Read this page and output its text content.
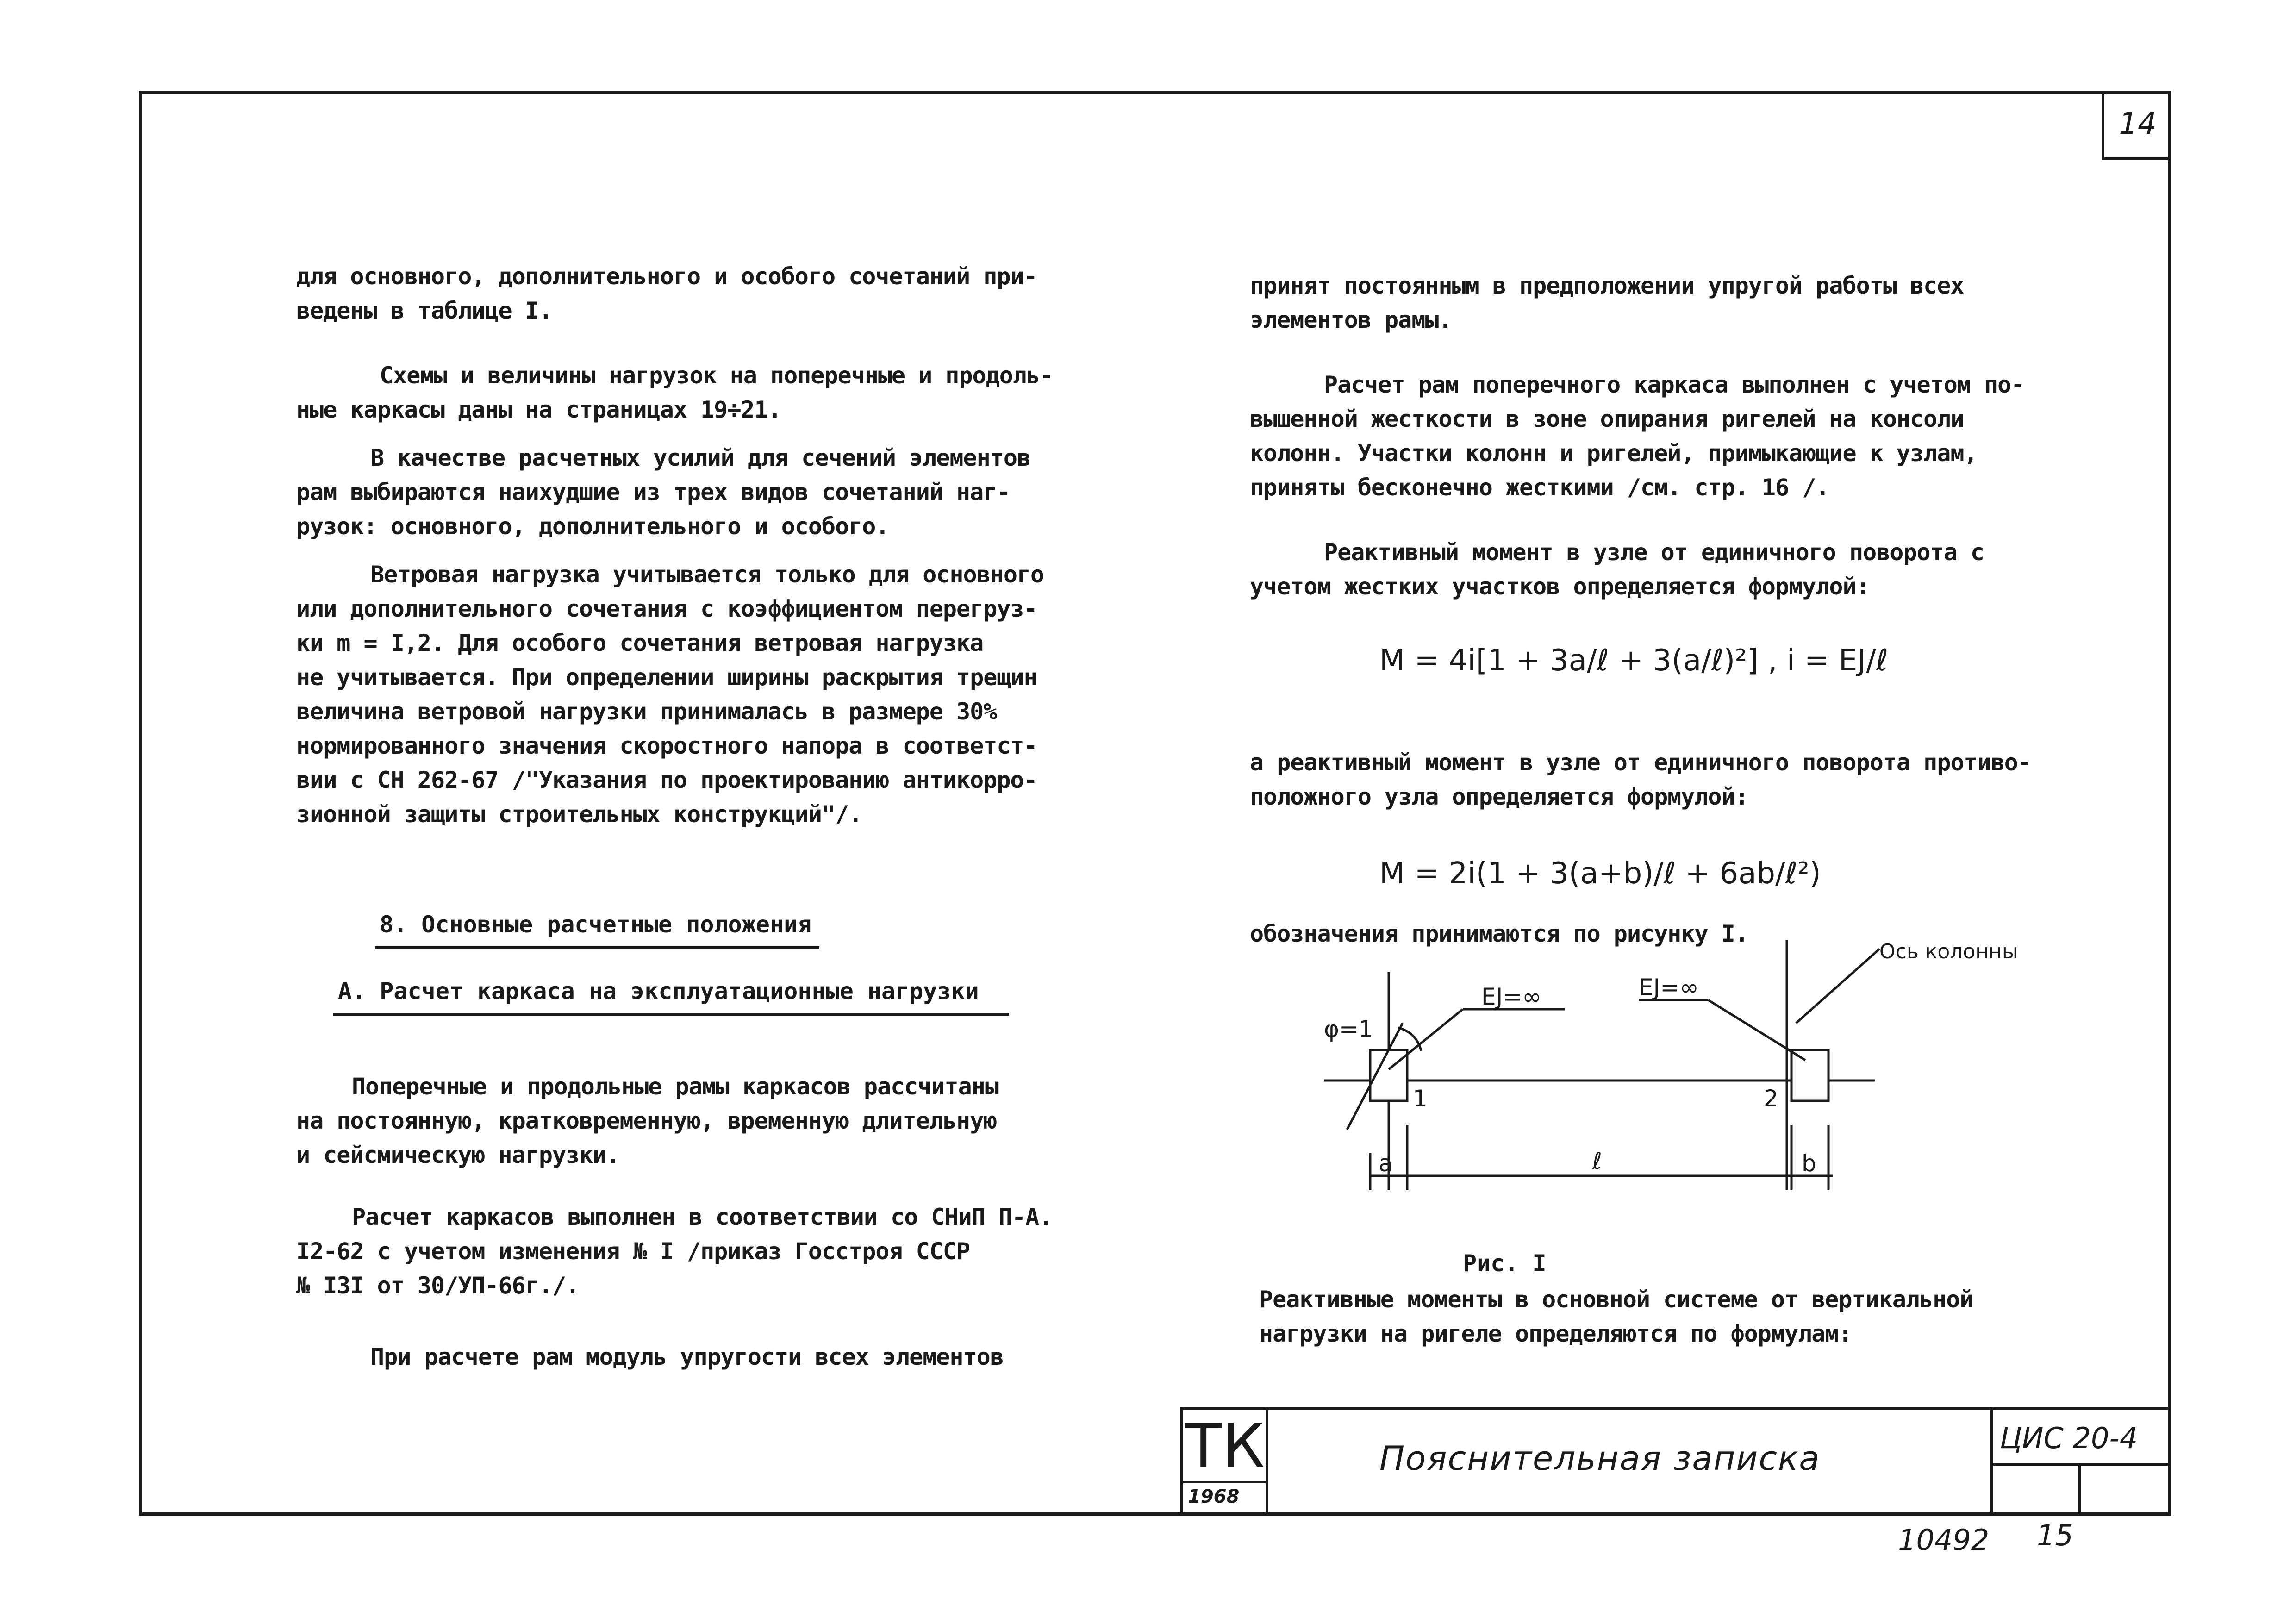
14
для основного, дополнительного и особого сочетаний при-
ведены в таблице I.
Схемы и величины нагрузок на поперечные и продоль-
ные каркасы даны на страницах 19÷21.
В качестве расчетных усилий для сечений элементов
рам выбираются наихудшие из трех видов сочетаний наг-
рузок: основного, дополнительного и особого.
Ветровая нагрузка учитывается только для основного
или дополнительного сочетания с коэффициентом перегруз-
ки m = I,2. Для особого сочетания ветровая нагрузка
не учитывается. При определении ширины раскрытия трещин
величина ветровой нагрузки принималась в размере 30%
нормированного значения скоростного напора в соответст-
вии с СН 262-67 /"Указания по проектированию антикорро-
зионной защиты строительных конструкций"/.
8. Основные расчетные положения
А. Расчет каркаса на эксплуатационные нагрузки
Поперечные и продольные рамы каркасов рассчитаны
на постоянную, кратковременную, временную длительную
и сейсмическую нагрузки.
Расчет каркасов выполнен в соответствии со СНиП П-А.
I2-62 с учетом изменения № I /приказ Госстроя СССР
№ I3I от 30/УП-66г./.
При расчете рам модуль упругости всех элементов
принят постоянным в предположении упругой работы всех
элементов рамы.
Расчет рам поперечного каркаса выполнен с учетом по-
вышенной жесткости в зоне опирания ригелей на консоли
колонн. Участки колонн и ригелей, примыкающие к узлам,
приняты бесконечно жесткими /см. стр. 16 /.
Реактивный момент в узле от единичного поворота с
учетом жестких участков определяется формулой:
M = 4i[1 + 3a/ℓ + 3(a/ℓ)²] , i = EJ/ℓ
а реактивный момент в узле от единичного поворота противо-
положного узла определяется формулой:
M = 2i(1 + 3(a+b)/ℓ + 6ab/ℓ²)
обозначения принимаются по рисунку I.
φ=1
EJ=∞	EJ=∞
Ось колонны
1	2
a	ℓ	b
Рис. I
Реактивные моменты в основной системе от вертикальной
нагрузки на ригеле определяются по формулам:
ТК
1968
Пояснительная записка
ЦИС 20-4
10492 15
